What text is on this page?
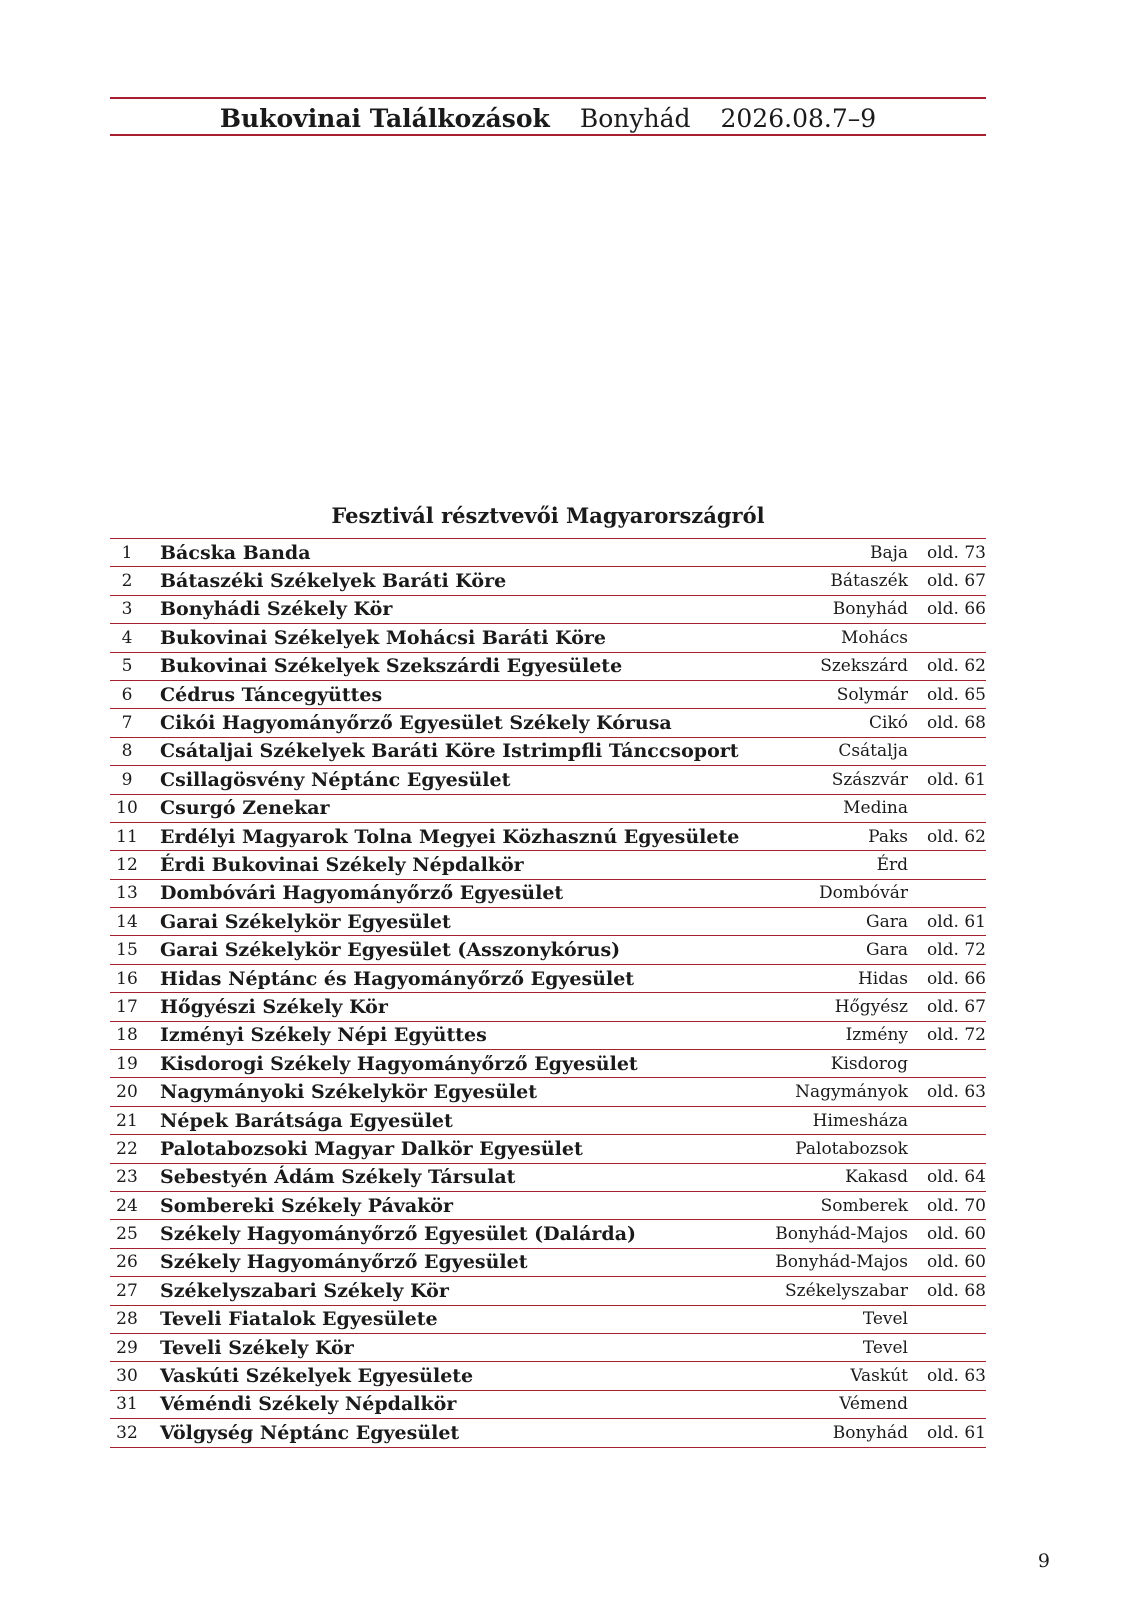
Bukovinai Találkozások Bonyhád 2026.08.7–9
Fesztivál résztvevői Magyarországról
1	Bácska Banda	Baja old. 73
2	Bátaszéki Székelyek Baráti Köre	Bátaszék old. 67
3	Bonyhádi Székely Kör	Bonyhád old. 66
4	Bukovinai Székelyek Mohácsi Baráti Köre	Mohács
5	Bukovinai Székelyek Szekszárdi Egyesülete	Szekszárd old. 62
6	Cédrus Táncegyüttes	Solymár old. 65
7	Cikói Hagyományőrző Egyesület Székely Kórusa	Cikó old. 68
8	Csátaljai Székelyek Baráti Köre Istrimpfli Tánccsoport	Csátalja
9	Csillagösvény Néptánc Egyesület	Szászvár old. 61
10	Csurgó Zenekar	Medina
11	Erdélyi Magyarok Tolna Megyei Közhasznú Egyesülete	Paks old. 62
12	Érdi Bukovinai Székely Népdalkör	Érd
13	Dombóvári Hagyományőrző Egyesület	Dombóvár
14	Garai Székelykör Egyesület	Gara old. 61
15	Garai Székelykör Egyesület (Asszonykórus)	Gara old. 72
16	Hidas Néptánc és Hagyományőrző Egyesület	Hidas old. 66
17	Hőgyészi Székely Kör	Hőgyész old. 67
18	Izményi Székely Népi Együttes	Izmény old. 72
19	Kisdorogi Székely Hagyományőrző Egyesület	Kisdorog
20	Nagymányoki Székelykör Egyesület	Nagymányok old. 63
21	Népek Barátsága Egyesület	Himesháza
22	Palotabozsoki Magyar Dalkör Egyesület	Palotabozsok
23	Sebestyén Ádám Székely Társulat	Kakasd old. 64
24	Sombereki Székely Pávakör	Somberek old. 70
25	Székely Hagyományőrző Egyesület (Dalárda)	Bonyhád-Majos old. 60
26	Székely Hagyományőrző Egyesület	Bonyhád-Majos old. 60
27	Székelyszabari Székely Kör	Székelyszabar old. 68
28	Teveli Fiatalok Egyesülete	Tevel
29	Teveli Székely Kör	Tevel
30	Vaskúti Székelyek Egyesülete	Vaskút old. 63
31	Véméndi Székely Népdalkör	Vémend
32	Völgység Néptánc Egyesület	Bonyhád old. 61
9
